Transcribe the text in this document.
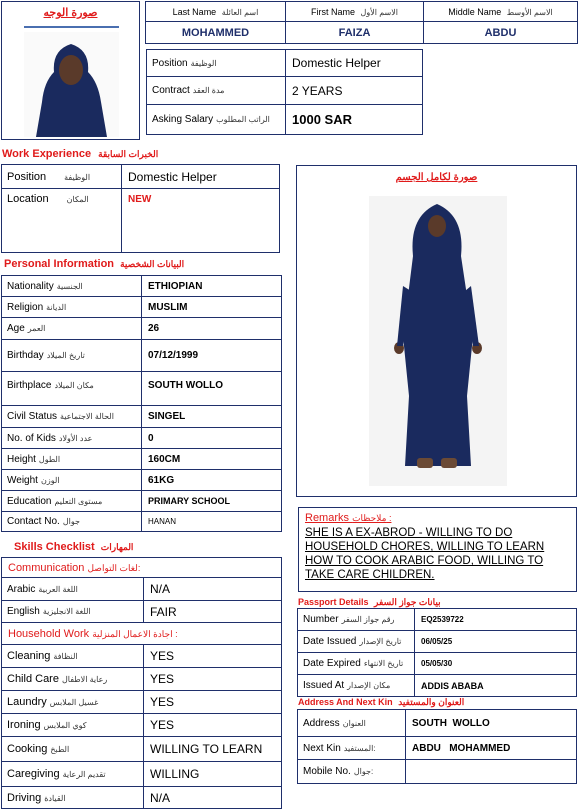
صورة الوجه	Last Name اسم العائلة	First Name الاسم الأول	Middle Name الاسم الأوسط
MOHAMMED	FAIZA	ABDU
Position الوظيفة	Domestic Helper
Contract مدة العقد	2 YEARS
Asking Salary الراتب المطلوب	1000 SAR
Work Experience الخبرات السابقة
Position الوظيفة	Domestic Helper
Location المكان	NEW
صورة لكامل الجسم
Personal Information البيانات الشخصية
Nationality الجنسية	ETHIOPIAN
Religion الديانة	MUSLIM
Age العمر	26
Birthday تاريخ الميلاد	07/12/1999
Birthplace مكان الميلاد	SOUTH WOLLO
Civil Status الحالة الاجتماعية	SINGEL
No. of Kids عدد الأولاد	0
Height الطول	160CM
Weight الوزن	61KG
Education مستوى التعليم	PRIMARY SCHOOL
Contact No. جوال	HANAN
Skills Checklist المهارات
Communication لغات التواصل:	
Arabic اللغة العربية	N/A
English اللغة الانجليزية	FAIR
Household Work اجادة الاعمال المنزلية :	
Cleaning النظافة	YES
Child Care رعاية الاطفال	YES
Laundry غسيل الملابس	YES
Ironing كوي الملابس	YES
Cooking الطبخ	WILLING TO LEARN
Caregiving تقديم الرعاية	WILLING
Driving القيادة	N/A
Remarks ملاحظات :
SHE IS A EX-ABROD - WILLING TO DO HOUSEHOLD CHORES, WILLING TO LEARN HOW TO COOK ARABIC FOOD, WILLING TO TAKE CARE CHILDREN.
Passport Details بيانات جواز السفر
Number رقم جواز السفر	EQ2539722
Date Issued تاريخ الإصدار	06/05/25
Date Expired تاريخ الانتهاء	05/05/30
Issued At مكان الإصدار	ADDIS ABABA
Address And Next Kin العنوان والمستفيد
Address العنوان	SOUTH  WOLLO
Next Kin المستفيد:	ABDU   MOHAMMED
Mobile No. جوال:	
